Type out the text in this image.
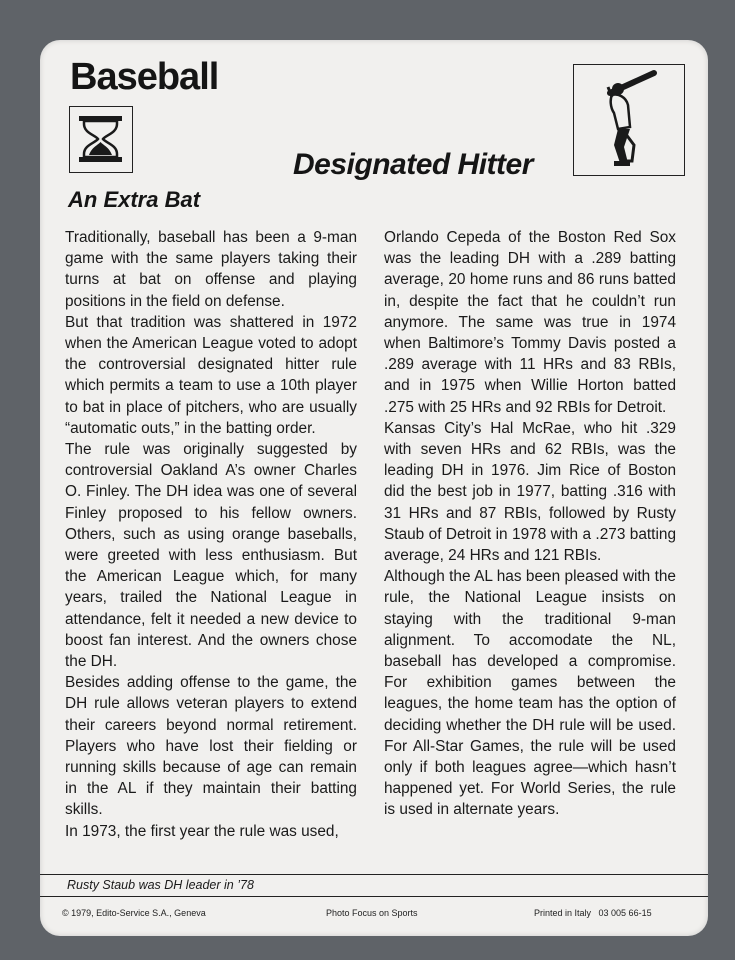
Baseball
Designated Hitter
An Extra Bat

Traditionally, baseball has been a 9-man game with the same players taking their turns at bat on offense and playing positions in the field on defense.

But that tradition was shattered in 1972 when the American League voted to adopt the controversial designated hitter rule which permits a team to use a 10th player to bat in place of pitchers, who are usually “automatic outs,” in the batting order.

The rule was originally suggested by controversial Oakland A’s owner Charles O. Finley. The DH idea was one of several Finley proposed to his fellow owners. Others, such as using orange baseballs, were greeted with less enthusiasm. But the American League which, for many years, trailed the National League in attendance, felt it needed a new device to boost fan interest. And the owners chose the DH.

Besides adding offense to the game, the DH rule allows veteran players to extend their careers beyond normal retirement. Players who have lost their fielding or running skills because of age can remain in the AL if they maintain their batting skills.

In 1973, the first year the rule was used,

Orlando Cepeda of the Boston Red Sox was the leading DH with a .289 batting average, 20 home runs and 86 runs batted in, despite the fact that he couldn’t run anymore. The same was true in 1974 when Baltimore’s Tommy Davis posted a .289 average with 11 HRs and 83 RBIs, and in 1975 when Willie Horton batted .275 with 25 HRs and 92 RBIs for Detroit.

Kansas City’s Hal McRae, who hit .329 with seven HRs and 62 RBIs, was the leading DH in 1976. Jim Rice of Boston did the best job in 1977, batting .316 with 31 HRs and 87 RBIs, followed by Rusty Staub of Detroit in 1978 with a .273 batting average, 24 HRs and 121 RBIs.

Although the AL has been pleased with the rule, the National League insists on staying with the traditional 9-man alignment. To accomodate the NL, baseball has developed a compromise. For exhibition games between the leagues, the home team has the option of deciding whether the DH rule will be used. For All-Star Games, the rule will be used only if both leagues agree—which hasn’t happened yet. For World Series, the rule is used in alternate years.

Rusty Staub was DH leader in ’78
© 1979, Edito-Service S.A., Geneva	Photo Focus on Sports	Printed in Italy   03 005 66-15
